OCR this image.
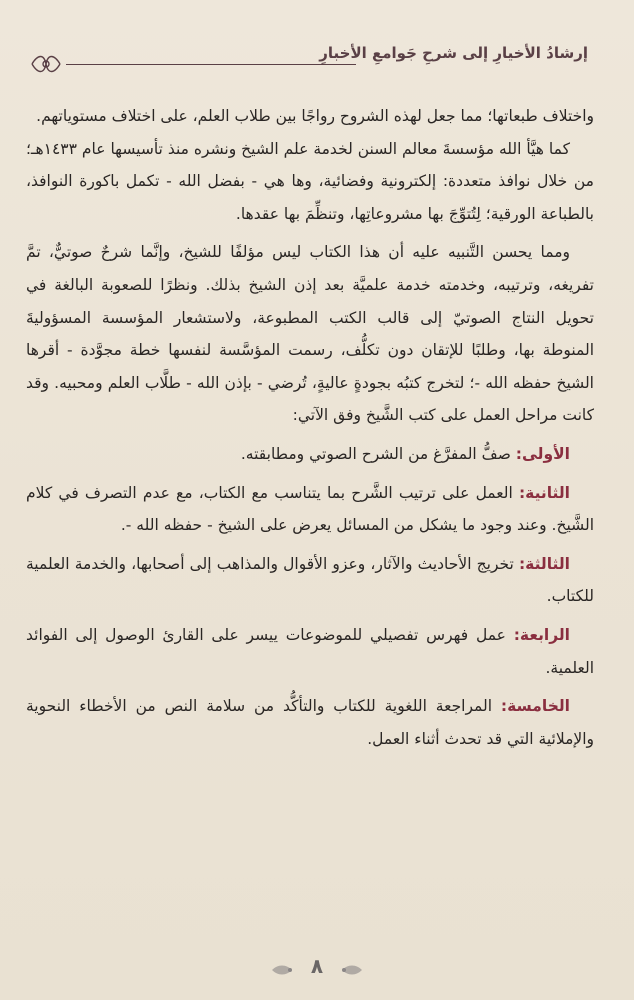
إرشادُ الأخيارِ إلى شرحِ جَوامعِ الأخبارِ

واختلاف طبعاتها؛ مما جعل لهذه الشروح رواجًا بين طلاب العلم، على اختلاف مستوياتهم.

كما هيَّأ الله مؤسسةَ معالم السنن لخدمة علم الشيخ ونشره منذ تأسيسها عام ١٤٣٣هـ؛ من خلال نوافذ متعددة: إلكترونية وفضائية، وها هي - بفضل الله - تكمل باكورة النوافذ، بالطباعة الورقية؛ لِتُتوِّجَ بها مشروعاتِها، وتنظِّمَ بها عقدها.

ومما يحسن التَّنبيه عليه أن هذا الكتاب ليس مؤلفًا للشيخ، وإنَّما شرحٌ صوتيٌّ، تمَّ تفريغه، وترتيبه، وخدمته خدمة علميَّة بعد إذن الشيخ بذلك. ونظرًا للصعوبة البالغة في تحويل النتاج الصوتيّ إلى قالب الكتب المطبوعة، ولاستشعار المؤسسة المسؤوليةَ المنوطة بها، وطلبًا للإتقان دون تكلُّف، رسمت المؤسَّسة لنفسها خطة مجوَّدة - أقرها الشيخ حفظه الله -؛ لتخرج كتبُه بجودةٍ عاليةٍ، تُرضي - بإذن الله - طلَّاب العلم ومحبيه. وقد كانت مراحل العمل على كتب الشَّيخ وفق الآتي:

الأولى: صفُّ المفرَّغ من الشرح الصوتي ومطابقته.

الثانية: العمل على ترتيب الشَّرح بما يتناسب مع الكتاب، مع عدم التصرف في كلام الشَّيخ. وعند وجود ما يشكل من المسائل يعرض على الشيخ - حفظه الله -.

الثالثة: تخريج الأحاديث والآثار، وعزو الأقوال والمذاهب إلى أصحابها، والخدمة العلمية للكتاب.

الرابعة: عمل فهرس تفصيلي للموضوعات ييسر على القارئ الوصول إلى الفوائد العلمية.

الخامسة: المراجعة اللغوية للكتاب والتأكُّد من سلامة النص من الأخطاء النحوية والإملائية التي قد تحدث أثناء العمل.

٨
